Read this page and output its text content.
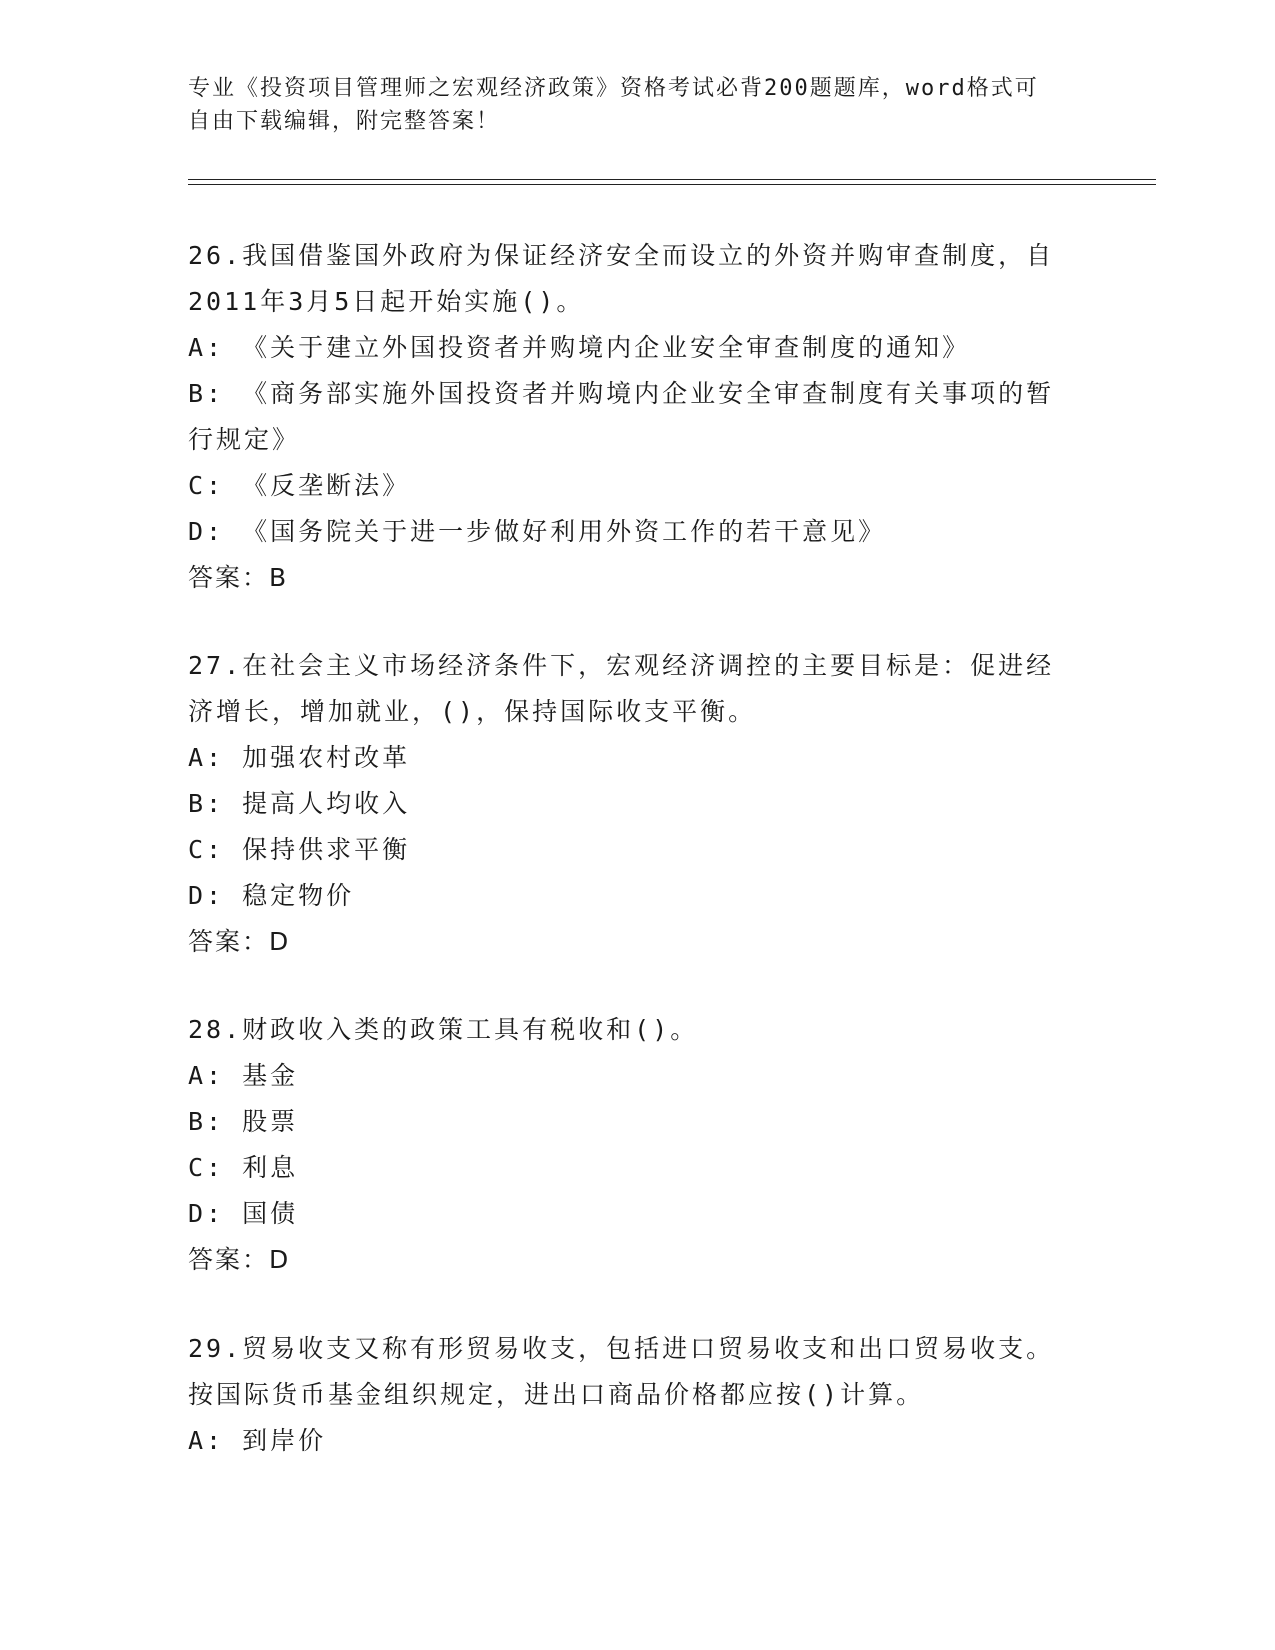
专业《投资项目管理师之宏观经济政策》资格考试必背200题题库，word格式可
自由下载编辑，附完整答案！
26.我国借鉴国外政府为保证经济安全而设立的外资并购审查制度，自
2011年3月5日起开始实施()。
A: 《关于建立外国投资者并购境内企业安全审查制度的通知》
B: 《商务部实施外国投资者并购境内企业安全审查制度有关事项的暂
行规定》
C: 《反垄断法》
D: 《国务院关于进一步做好利用外资工作的若干意见》
答案：B
27.在社会主义市场经济条件下，宏观经济调控的主要目标是：促进经
济增长，增加就业，()，保持国际收支平衡。
A: 加强农村改革
B: 提高人均收入
C: 保持供求平衡
D: 稳定物价
答案：D
28.财政收入类的政策工具有税收和()。
A: 基金
B: 股票
C: 利息
D: 国债
答案：D
29.贸易收支又称有形贸易收支，包括进口贸易收支和出口贸易收支。
按国际货币基金组织规定，进出口商品价格都应按()计算。
A: 到岸价
